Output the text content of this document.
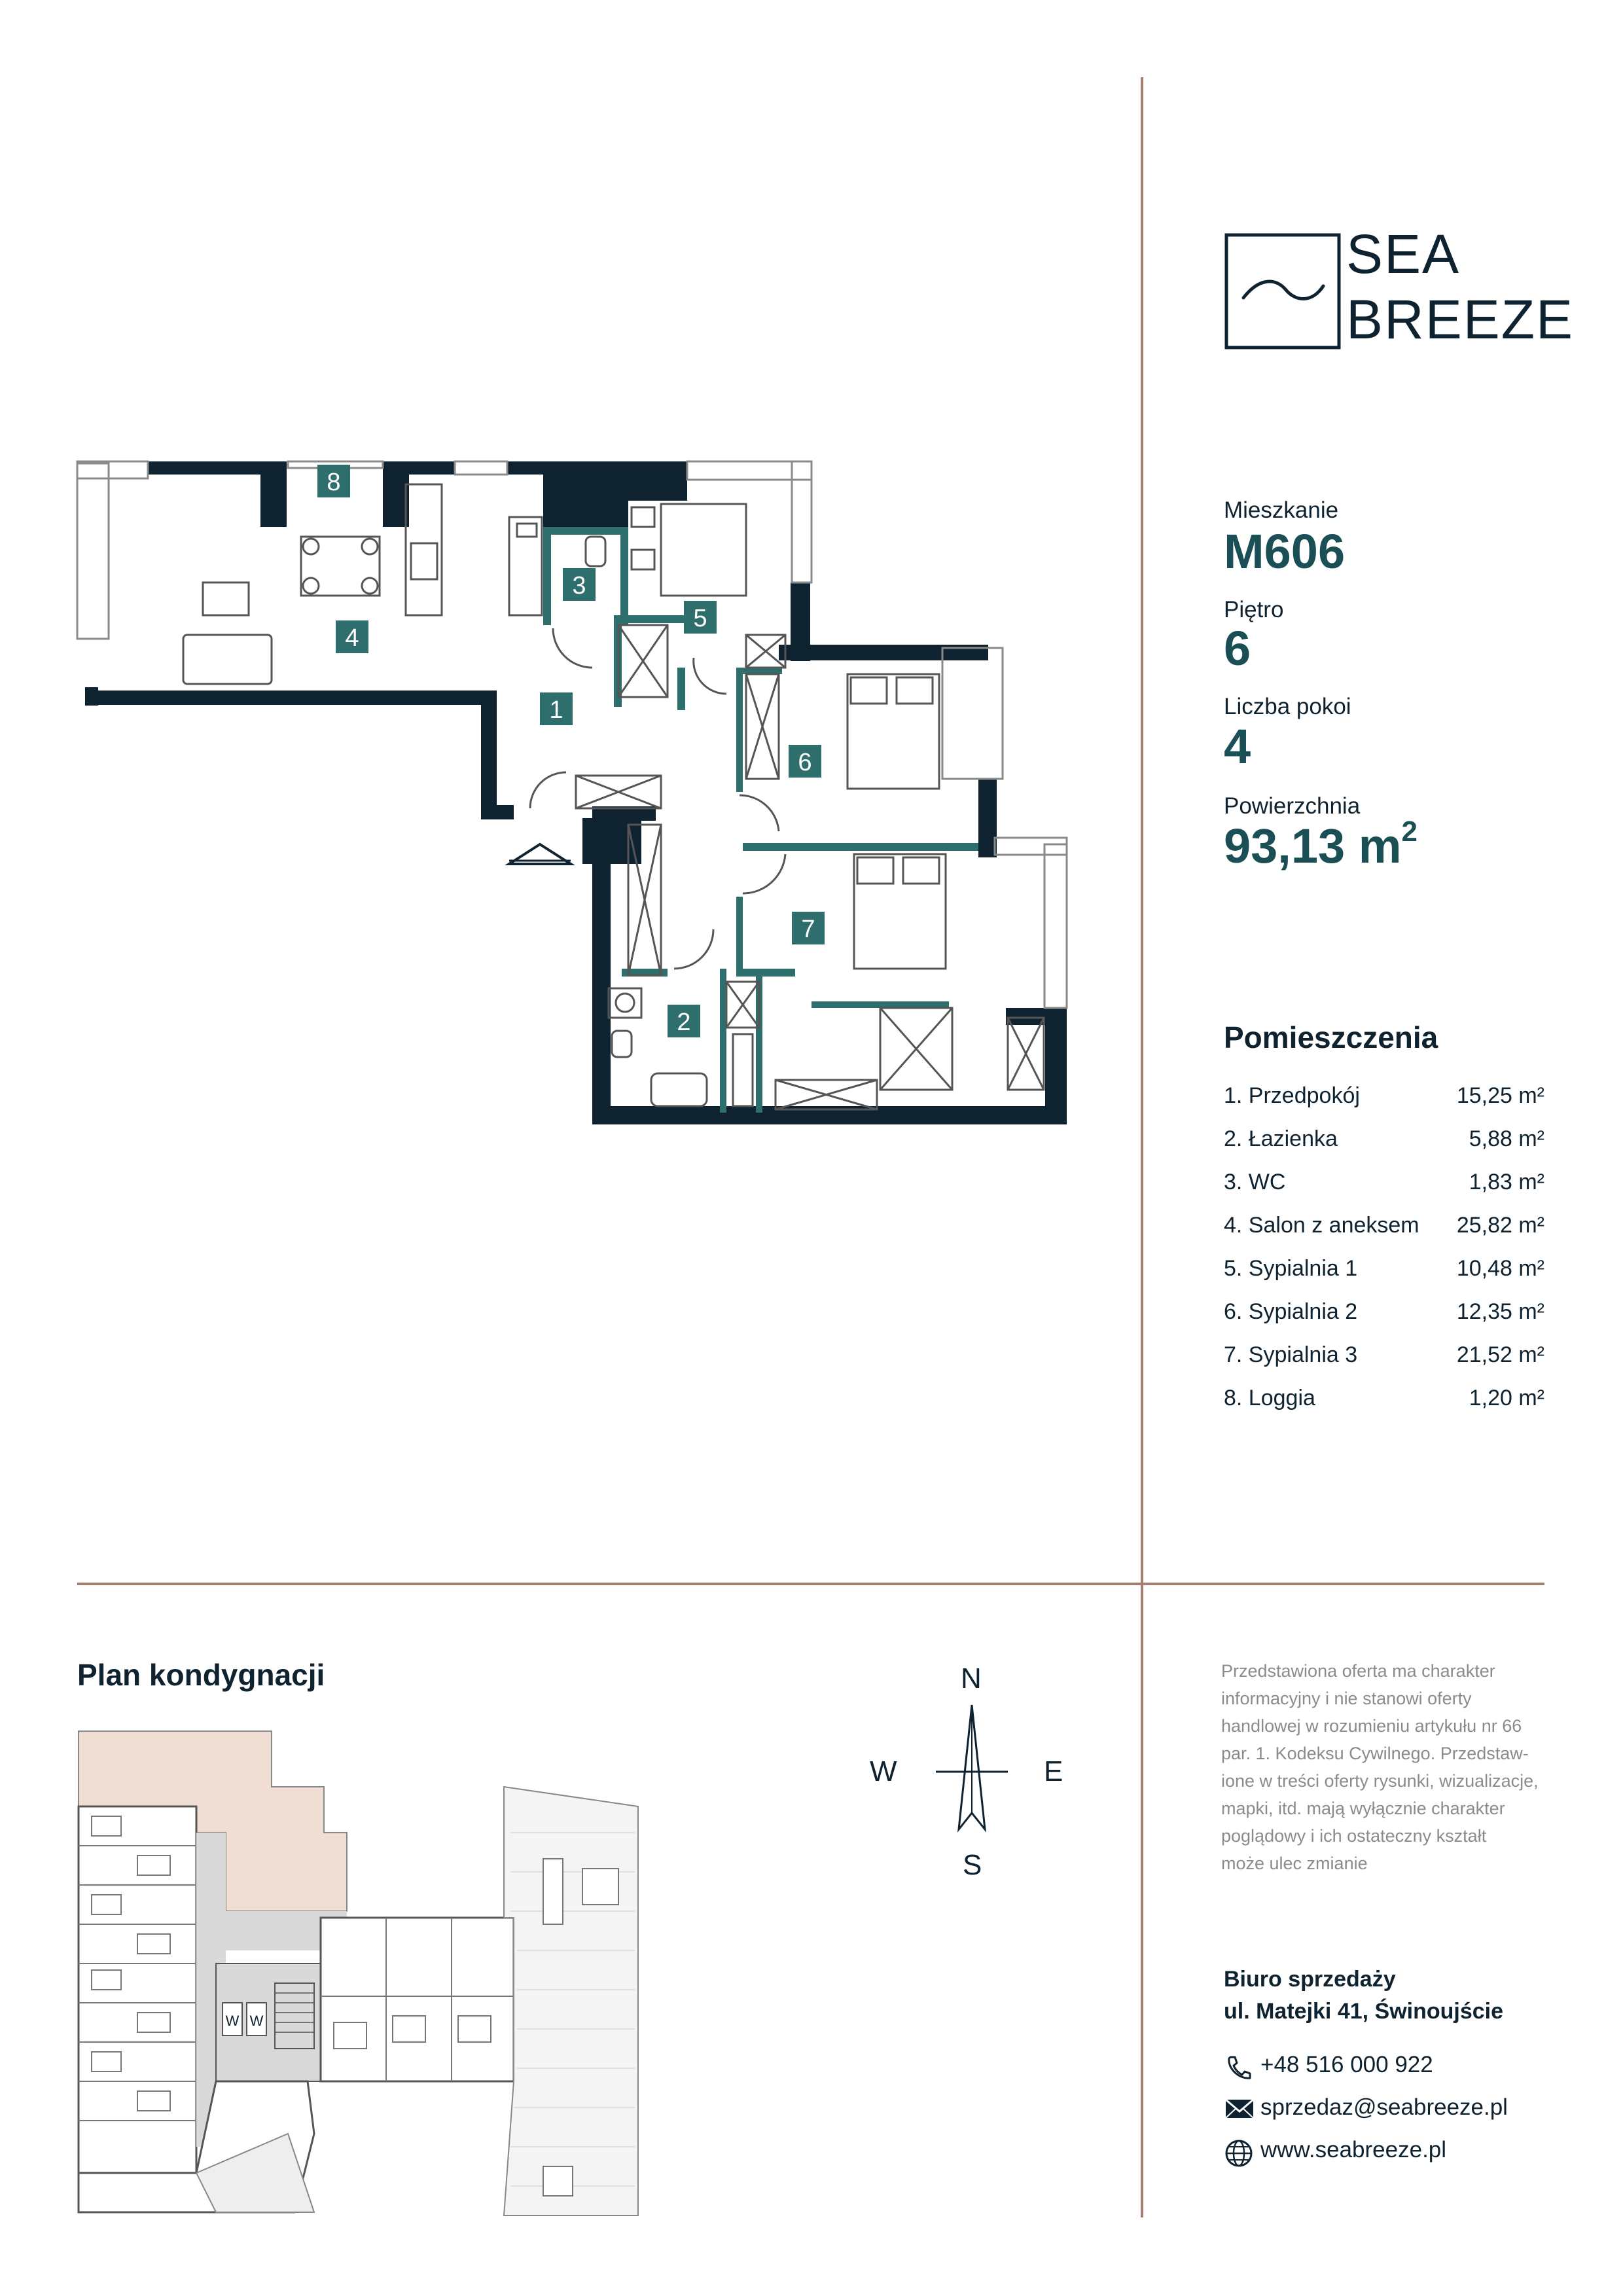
SEA
BREEZE
Mieszkanie
M606
Piętro
6
Liczba pokoi
4
Powierzchnia
93,13 $m^2$
Pomieszczenia
1. Przedpokój	15,25 m²
2. Łazienka	5,88 m²
3. WC	1,83 m²
4. Salon z aneksem 25,82 m²
5. Sypialnia 1	10,48 m²
6. Sypialnia 2	12,35 m²
7. Sypialnia 3	21,52 m²
8. Loggia	1,20 m²
8
4
1
3
5
6
7
2
Plan kondygnacji
W W
N
S
W	E
Przedstawiona oferta ma charakter
informacyjny i nie stanowi oferty
handlowej w rozumieniu artykułu nr 66
par. 1. Kodeksu Cywilnego. Przedstaw-
ione w treści oferty rysunki, wizualizacje,
mapki, itd. mają wyłącznie charakter
poglądowy i ich ostateczny kształt
może ulec zmianie
Biuro sprzedaży
ul. Matejki 41, Świnoujście
+48 516 000 922
sprzedaz@seabreeze.pl
www.seabreeze.pl
